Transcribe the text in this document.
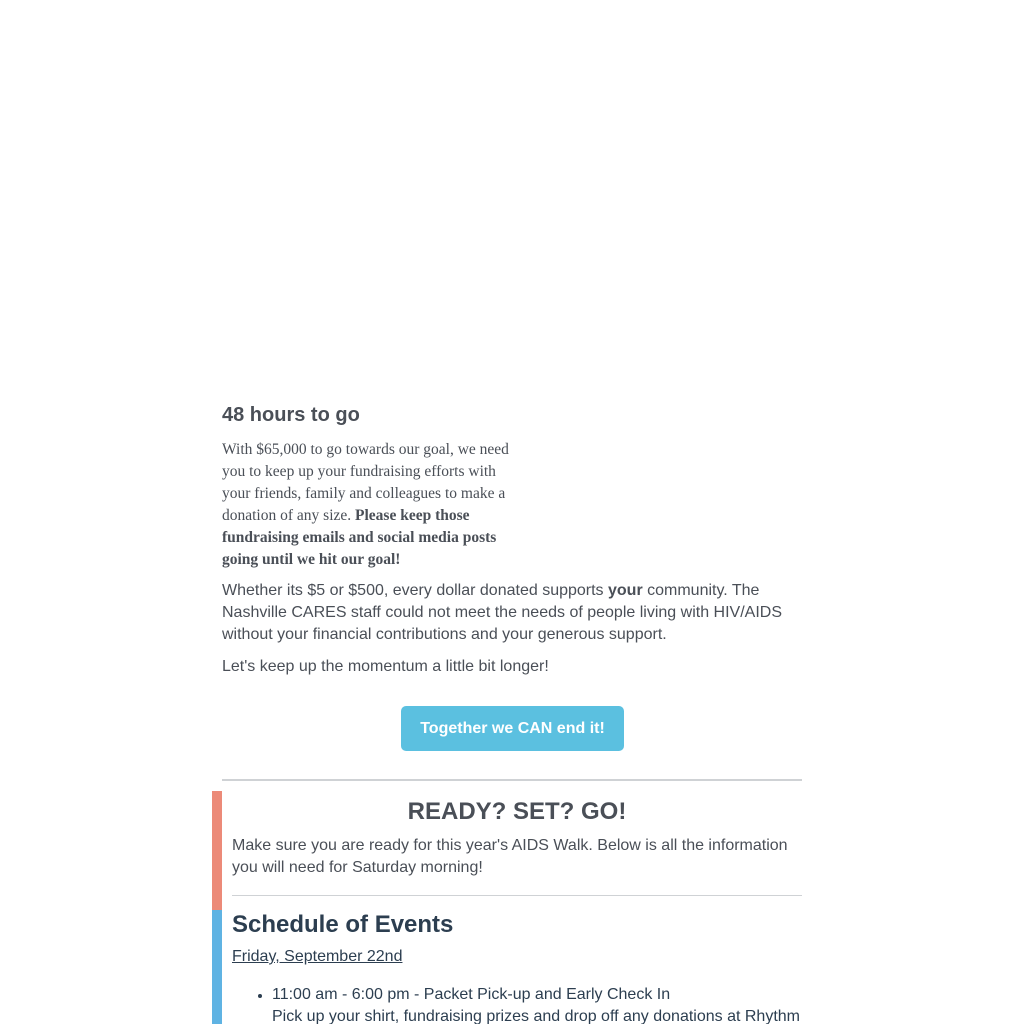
48 hours to go

With $65,000 to go towards our goal, we need you to keep up your fundraising efforts with your friends, family and colleagues to make a donation of any size. Please keep those fundraising emails and social media posts going until we hit our goal!

Whether its $5 or $500, every dollar donated supports your community. The Nashville CARES staff could not meet the needs of people living with HIV/AIDS without your financial contributions and your generous support.

Let's keep up the momentum a little bit longer!

Together we CAN end it!
READY? SET? GO!

Make sure you are ready for this year's AIDS Walk. Below is all the information you will need for Saturday morning!

Schedule of Events
Friday, September 22nd
• 11:00 am - 6:00 pm - Packet Pick-up and Early Check In
Pick up your shirt, fundraising prizes and drop off any donations at Rhythm
